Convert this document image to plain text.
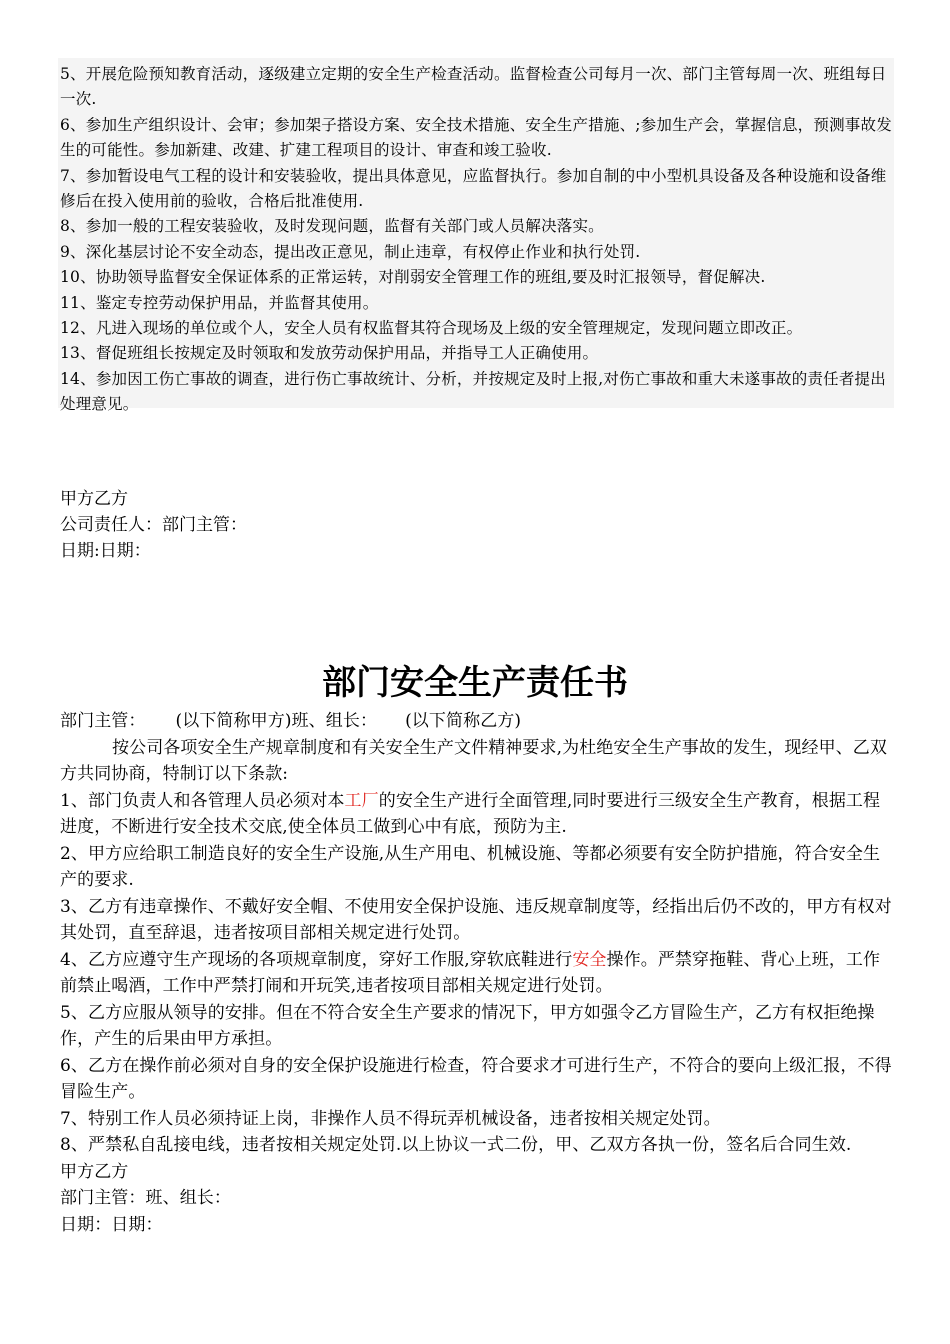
5、开展危险预知教育活动，逐级建立定期的安全生产检查活动。监督检查公司每月一次、部门主管每周一次、班组每日一次.

6、参加生产组织设计、会审；参加架子搭设方案、安全技术措施、安全生产措施、;参加生产会，掌握信息，预测事故发生的可能性。参加新建、改建、扩建工程项目的设计、审查和竣工验收.

7、参加暂设电气工程的设计和安装验收，提出具体意见，应监督执行。参加自制的中小型机具设备及各种设施和设备维修后在投入使用前的验收，合格后批准使用.

8、参加一般的工程安装验收，及时发现问题，监督有关部门或人员解决落实。

9、深化基层讨论不安全动态，提出改正意见，制止违章，有权停止作业和执行处罚.

10、协助领导监督安全保证体系的正常运转，对削弱安全管理工作的班组,要及时汇报领导，督促解决.

11、鉴定专控劳动保护用品，并监督其使用。

12、凡进入现场的单位或个人，安全人员有权监督其符合现场及上级的安全管理规定，发现问题立即改正。

13、督促班组长按规定及时领取和发放劳动保护用品，并指导工人正确使用。

14、参加因工伤亡事故的调查，进行伤亡事故统计、分析，并按规定及时上报,对伤亡事故和重大未遂事故的责任者提出处理意见。

甲方乙方

公司责任人：部门主管：

日期:日期：

部门安全生产责任书

部门主管： (以下简称甲方)班、组长： (以下简称乙方)

按公司各项安全生产规章制度和有关安全生产文件精神要求,为杜绝安全生产事故的发生，现经甲、乙双方共同协商，特制订以下条款:

1、部门负责人和各管理人员必须对本工厂的安全生产进行全面管理,同时要进行三级安全生产教育，根据工程进度，不断进行安全技术交底,使全体员工做到心中有底，预防为主.

2、甲方应给职工制造良好的安全生产设施,从生产用电、机械设施、等都必须要有安全防护措施，符合安全生产的要求.

3、乙方有违章操作、不戴好安全帽、不使用安全保护设施、违反规章制度等，经指出后仍不改的，甲方有权对其处罚，直至辞退，违者按项目部相关规定进行处罚。

4、乙方应遵守生产现场的各项规章制度，穿好工作服,穿软底鞋进行安全操作。严禁穿拖鞋、背心上班，工作前禁止喝酒，工作中严禁打闹和开玩笑,违者按项目部相关规定进行处罚。

5、乙方应服从领导的安排。但在不符合安全生产要求的情况下，甲方如强令乙方冒险生产，乙方有权拒绝操作，产生的后果由甲方承担。

6、乙方在操作前必须对自身的安全保护设施进行检查，符合要求才可进行生产，不符合的要向上级汇报，不得冒险生产。

7、特别工作人员必须持证上岗，非操作人员不得玩弄机械设备，违者按相关规定处罚。

8、严禁私自乱接电线，违者按相关规定处罚.以上协议一式二份，甲、乙双方各执一份，签名后合同生效.

甲方乙方

部门主管：班、组长：

日期：日期：
